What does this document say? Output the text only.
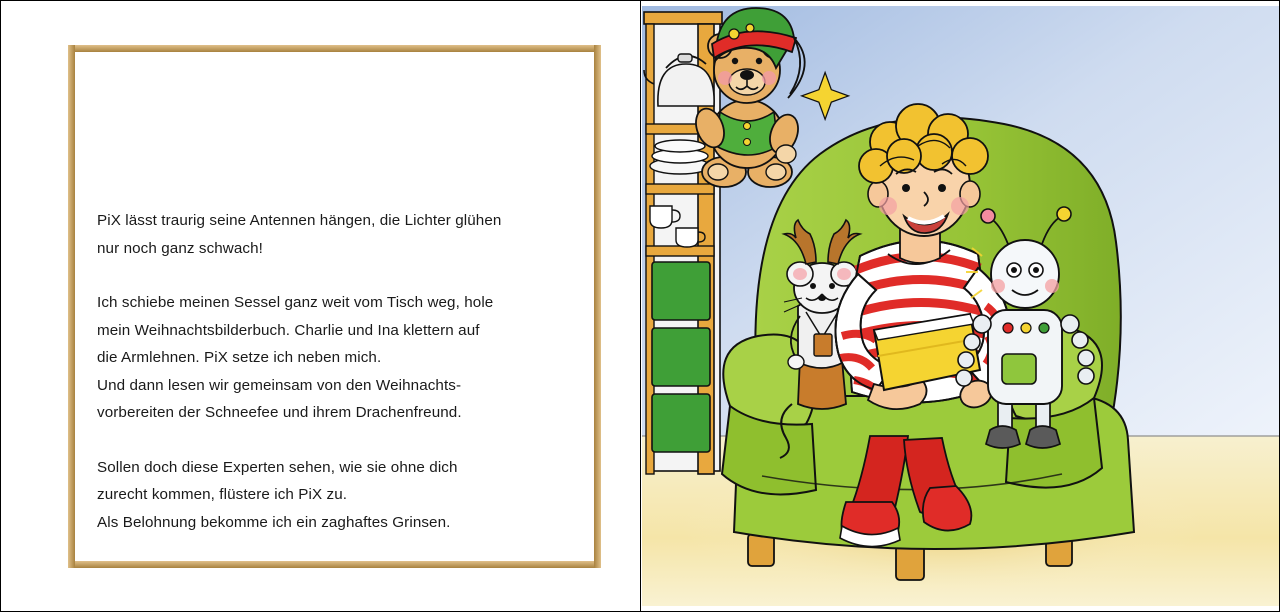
PiX lässt traurig seine Antennen hängen, die Lichter glühen

nur noch ganz schwach!

Ich schiebe meinen Sessel ganz weit vom Tisch weg, hole

mein Weihnachtsbilderbuch. Charlie und Ina klettern auf

die Armlehnen. PiX setze ich neben mich.

Und dann lesen wir gemeinsam von den Weihnachts-

vorbereiten der Schneefee und ihrem Drachenfreund.

Sollen doch diese Experten sehen, wie sie ohne dich

zurecht kommen, flüstere ich PiX zu.

Als Belohnung bekomme ich ein zaghaftes Grinsen.
